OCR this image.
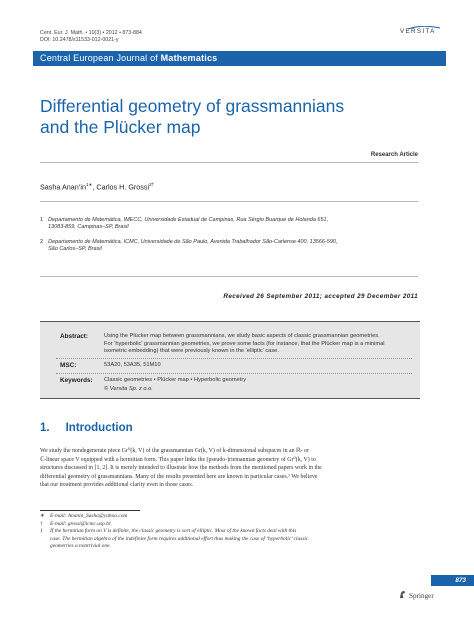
Cent. Eur. J. Math. • 10(3) • 2012 • 873-884
DOI: 10.2478/s11533-012-0021-y
VERSITA
Central European Journal of Mathematics
Differential geometry of grassmannians
and the Plücker map
Research Article
Sasha $Anan’in^{1∗}$, Carlos H. Grossi$^{2\dagger}$
1 Departamento de Matemática, IMECC, Universidade Estadual de Campinas, Rua Sérgio Buarque de Holanda 651,
13083-859, Campinas–SP, Brasil
2 Departamento de Matemática, ICMC, Universidade de São Paulo, Avenida Trabalhador São-Carlense 400, 13566-590,
São Carlos–SP, Brasil
Received 26 September 2011; accepted 29 December 2011
Abstract:	Using the Plücker map between grassmannians, we study basic aspects of classic grassmannian geometries.
For ‘hyperbolic’ grassmannian geometries, we prove some facts (for instance, that the Plücker map is a minimal
isometric embedding) that were previously known in the ‘elliptic’ case.
MSC:	53A20, 53A35, 51M10
Keywords: Classic geometries • Plücker map • Hyperbolic geometry
© Versita Sp. z o.o.
1. Introduction
We study the nondegenerate piece Gr⁰(k, V) of the grassmannian Gr(k, V) of k-dimensional subspaces in an ℝ- or
ℂ-linear space V equipped with a hermitian form. This paper links the (pseudo-)riemannian geometry of Gr⁰(k, V) to
structures discussed in [1, 2]. It is merely intended to illustrate how the methods from the mentioned papers work in the
differential geometry of grassmannians. Many of the results presented here are known in particular cases.¹ We believe
that our treatment provides additional clarity even in those cases.
∗ E-mail: Ananin_Sasha@yahoo.com
† E-mail: grossi@icmc.usp.br
1 If the hermitian form on V is definite, the classic geometry is sort of elliptic. Most of the known facts deal with this
case. The hermitian algebra of the indefinite form requires additional effort thus making the case of ‘hyperbolic’ classic
geometries a nontrivial one.
873
Springer
